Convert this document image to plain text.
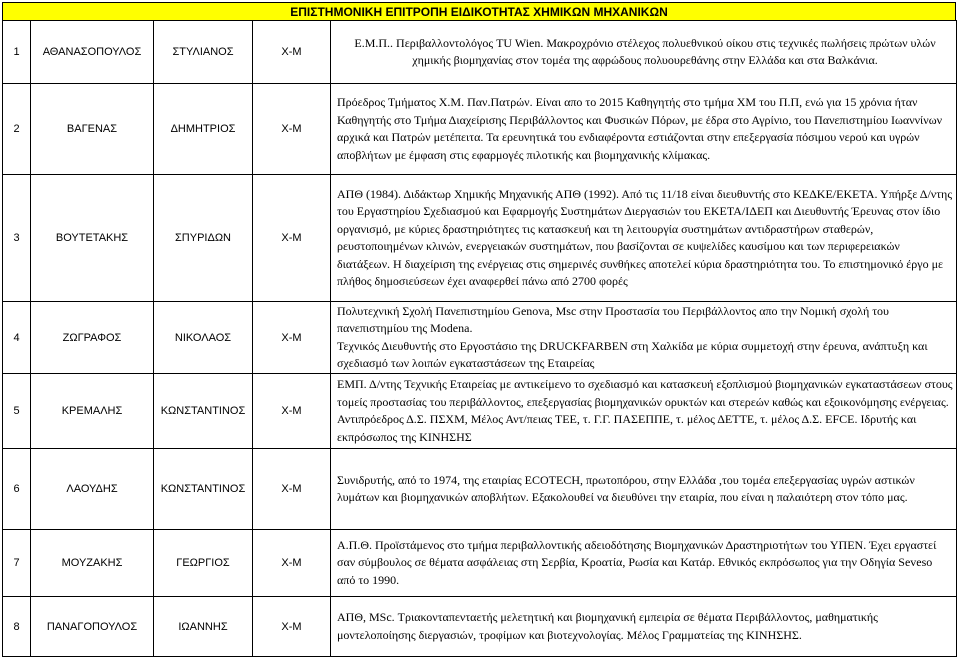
ΕΠΙΣΤΗΜΟΝΙΚΗ ΕΠΙΤΡΟΠΗ ΕΙΔΙΚΟΤΗΤΑΣ ΧΗΜΙΚΩΝ ΜΗΧΑΝΙΚΩΝ
1	ΑΘΑΝΑΣΟΠΟΥΛΟΣ	ΣΤΥΛΙΑΝΟΣ	Χ-Μ	Ε.Μ.Π.. Περιβαλλοντολόγος TU Wien. Μακροχρόνιο στέλεχος πολυεθνικού οίκου στις τεχνικές πωλήσεις πρώτων υλών χημικής βιομηχανίας στον τομέα της αφρώδους πολυουρεθάνης στην Ελλάδα και στα Βαλκάνια.

2	ΒΑΓΕΝΑΣ	ΔΗΜΗΤΡΙΟΣ	Χ-Μ	Πρόεδρος Τμήματος Χ.Μ. Παν.Πατρών. Είναι απο το 2015 Καθηγητής στο τμήμα ΧΜ του Π.Π, ενώ για 15 χρόνια ήταν Καθηγητής στο Τμήμα Διαχείρισης Περιβάλλοντος και Φυσικών Πόρων, με έδρα στο Αγρίνιο, του Πανεπιστημίου Ιωαννίνων αρχικά και Πατρών μετέπειτα. Τα ερευνητικά του ενδιαφέροντα εστιάζονται στην επεξεργασία πόσιμου νερού και υγρών αποβλήτων με έμφαση στις εφαρμογές πιλοτικής και βιομηχανικής κλίμακας.

3	ΒΟΥΤΕΤΑΚΗΣ	ΣΠΥΡΙΔΩΝ	Χ-Μ	ΑΠΘ (1984). Διδάκτωρ Χημικής Μηχανικής ΑΠΘ (1992). Από τις 11/18 είναι διευθυντής στο ΚΕΔΚΕ/ΕΚΕΤΑ. Υπήρξε Δ/ντης του Εργαστηρίου Σχεδιασμού και Εφαρμογής Συστημάτων Διεργασιών του ΕΚΕΤΑ/ΙΔΕΠ και Διευθυντής Έρευνας στον ίδιο οργανισμό, με κύριες δραστηριότητες τις κατασκευή και τη λειτουργία συστημάτων αντιδραστήρων σταθερών, ρευστοποιημένων κλινών, ενεργειακών συστημάτων, που βασίζονται σε κυψελίδες καυσίμου και των περιφερειακών διατάξεων. Η διαχείριση της ενέργειας στις σημερινές συνθήκες αποτελεί κύρια δραστηριότητα του. Το επιστημονικό έργο με πλήθος δημοσιεύσεων έχει αναφερθεί πάνω από 2700 φορές

4	ΖΩΓΡΑΦΟΣ	ΝΙΚΟΛΑΟΣ	Χ-Μ	Πολυτεχνική Σχολή Πανεπιστημίου Genova, Msc στην Προστασία του Περιβάλλοντος απο την Νομική σχολή του πανεπιστημίου της Modena.
Τεχνικός Διευθυντής στο Εργοστάσιο της DRUCKFARBEN στη Χαλκίδα με κύρια συμμετοχή στην έρευνα, ανάπτυξη και σχεδιασμό των λοιπών εγκαταστάσεων της Εταιρείας

5	ΚΡΕΜΑΛΗΣ	ΚΩΝΣΤΑΝΤΙΝΟΣ	Χ-Μ	ΕΜΠ. Δ/ντης Τεχνικής Εταιρείας με αντικείμενο το σχεδιασμό και κατασκευή εξοπλισμού βιομηχανικών εγκαταστάσεων στους τομείς προστασίας του περιβάλλοντος, επεξεργασίας βιομηχανικών ορυκτών και στερεών καθώς και εξοικονόμησης ενέργειας. Αντιπρόεδρος Δ.Σ. ΠΣΧΜ, Μέλος Αντ/πειας ΤΕΕ, τ. Γ.Γ. ΠΑΣΕΠΠΕ, τ. μέλος ΔΕΤΤΕ, τ. μέλος Δ.Σ. EFCE. Ιδρυτής και εκπρόσωπος της ΚΙΝΗΣΗΣ

6	ΛΑΟΥΔΗΣ	ΚΩΝΣΤΑΝΤΙΝΟΣ	Χ-Μ	Συνιδρυτής, από το 1974, της εταιρίας ECOTECH, πρωτοπόρου, στην Ελλάδα ,του τομέα επεξεργασίας υγρών αστικών λυμάτων και βιομηχανικών αποβλήτων. Εξακολουθεί να διευθύνει την εταιρία, που είναι η παλαιότερη στον τόπο μας.

7	ΜΟΥΖΑΚΗΣ	ΓΕΩΡΓΙΟΣ	Χ-Μ	Α.Π.Θ. Προϊστάμενος στο τμήμα περιβαλλοντικής αδειοδότησης Βιομηχανικών Δραστηριοτήτων του ΥΠΕΝ. Έχει εργαστεί σαν σύμβουλος σε θέματα ασφάλειας στη Σερβία, Κροατία, Ρωσία και Κατάρ. Εθνικός εκπρόσωπος για την Οδηγία Seveso από το 1990.

8	ΠΑΝΑΓΟΠΟΥΛΟΣ	ΙΩΑΝΝΗΣ	Χ-Μ	ΑΠΘ, MSc. Τριακονταπενταετής μελετητική και βιομηχανική εμπειρία σε θέματα Περιβάλλοντος, μαθηματικής μοντελοποίησης διεργασιών, τροφίμων και βιοτεχνολογίας. Μέλος Γραμματείας της ΚΙΝΗΣΗΣ.
